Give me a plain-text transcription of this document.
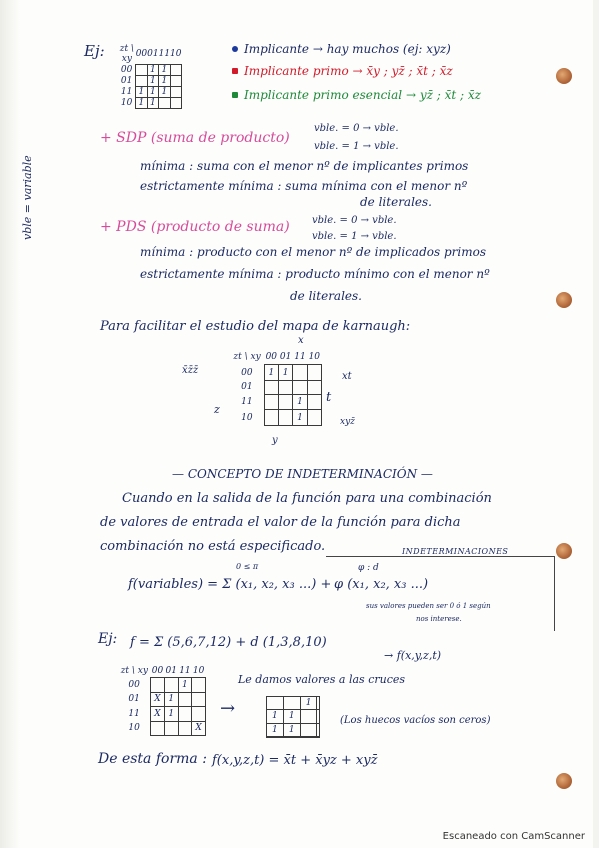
vble = variable
Ej: zt \ xy	00	01	11	10
00		1	1	
01		1	1	
11	1	1	1	
10	1	1		
Implicante → hay muchos (ej: xyz)
Implicante primo → x̄y ; yz̄ ; x̄t ; x̄z
Implicante primo esencial → yz̄ ; x̄t ; x̄z
+ SDP (suma de producto)
vble. = 0 → vble.
vble. = 1 → vble.
mínima : suma con el menor nº de implicantes primos
estrictamente mínima : suma mínima con el menor nº
de literales.
+ PDS (producto de suma) vble. = 0 → vble.
vble. = 1 → vble.
mínima : producto con el menor nº de implicados primos
estrictamente mínima : producto mínimo con el menor nº
de literales.
Para facilitar el estudio del mapa de karnaugh:
x
x̄z̄z̄
zt \ xy	00	01	11	10
00	1	1		
01				
11			1	
10			1	
xt
z
t
xyz̄
y
— CONCEPTO DE INDETERMINACIÓN —
Cuando en la salida de la función para una combinación
de valores de entrada el valor de la función para dicha
combinación no está especificado.	INDETERMINACIONES
0 ≤ π	φ : d
f(variables) = Σ (x₁, x₂, x₃ ...) + φ (x₁, x₂, x₃ ...)
sus valores pueden ser 0 ó 1 según
nos interese.
Ej: f = Σ (5,6,7,12) + d (1,3,8,10)
→ f(x,y,z,t)
zt \ xy	00	01	11	10
00			1	
01	X	1		
11	X	1		
10				X
Le damos valores a las cruces
→
			1	
1	1		
1	1		

(Los huecos vacíos son ceros)
De esta forma : f(x,y,z,t) = x̄t + x̄yz + xyz̄
Escaneado con CamScanner
